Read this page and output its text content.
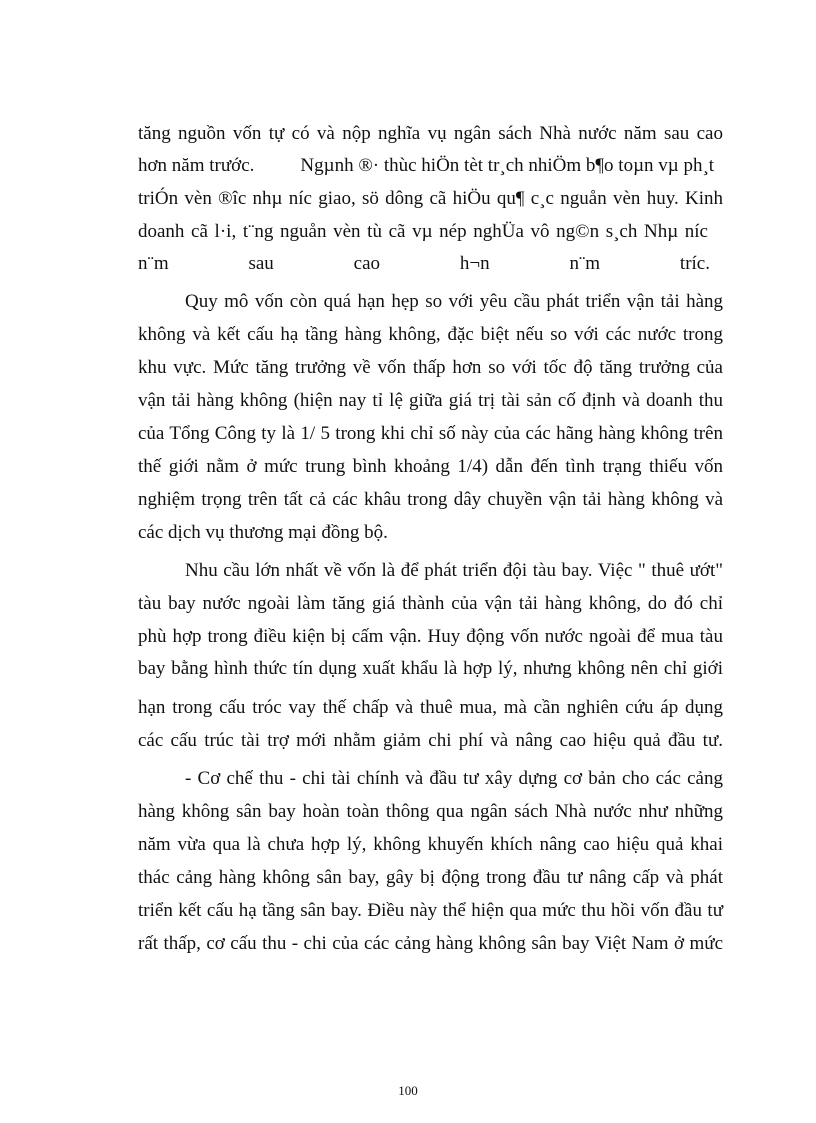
tăng nguồn vốn tự có và nộp nghĩa vụ ngân sách Nhà nước năm sau cao
hơn năm trước. Ngµnh ®· thùc hiÖn tèt tr¸ch nhiÖm b¶o toµn vµ ph¸t
triÓn vèn ®îc nhµ níc giao, sö dông cã hiÖu qu¶ c¸c nguån vèn huy. Kinh
doanh cã l·i, t¨ng nguån vèn tù cã vµ nép nghÜa vô ng©n s¸ch Nhµ níc
n¨m sau cao h¬n n¨m tríc.
Quy mô vốn còn quá hạn hẹp so với yêu cầu phát triển vận tải hàng
không và kết cấu hạ tầng hàng không, đặc biệt nếu so với các nước trong
khu vực. Mức tăng trưởng về vốn thấp hơn so với tốc độ tăng trưởng của
vận tải hàng không (hiện nay tỉ lệ giữa giá trị tài sản cố định và doanh thu
của Tổng Công ty là 1/ 5 trong khi chỉ số này của các hãng hàng không trên
thế giới nằm ở mức trung bình khoảng 1/4) dẫn đến tình trạng thiếu vốn
nghiệm trọng trên tất cả các khâu trong dây chuyền vận tải hàng không và
các dịch vụ thương mại đồng bộ.
Nhu cầu lớn nhất về vốn là để phát triển đội tàu bay. Việc " thuê ướt"
tàu bay nước ngoài làm tăng giá thành của vận tải hàng không, do đó chỉ
phù hợp trong điều kiện bị cấm vận. Huy động vốn nước ngoài để mua tàu
bay bằng hình thức tín dụng xuất khẩu là hợp lý, nhưng không nên chỉ giới
hạn trong cấu tróc vay thế chấp và thuê mua, mà cần nghiên cứu áp dụng
các cấu trúc tài trợ mới nhằm giảm chi phí và nâng cao hiệu quả đầu tư.
- Cơ chế thu - chi tài chính và đầu tư xây dựng cơ bản cho các cảng
hàng không sân bay hoàn toàn thông qua ngân sách Nhà nước như những
năm vừa qua là chưa hợp lý, không khuyến khích nâng cao hiệu quả khai
thác cảng hàng không sân bay, gây bị động trong đầu tư nâng cấp và phát
triển kết cấu hạ tầng sân bay. Điều này thể hiện qua mức thu hồi vốn đầu tư
rất thấp, cơ cấu thu - chi của các cảng hàng không sân bay Việt Nam ở mức
100
